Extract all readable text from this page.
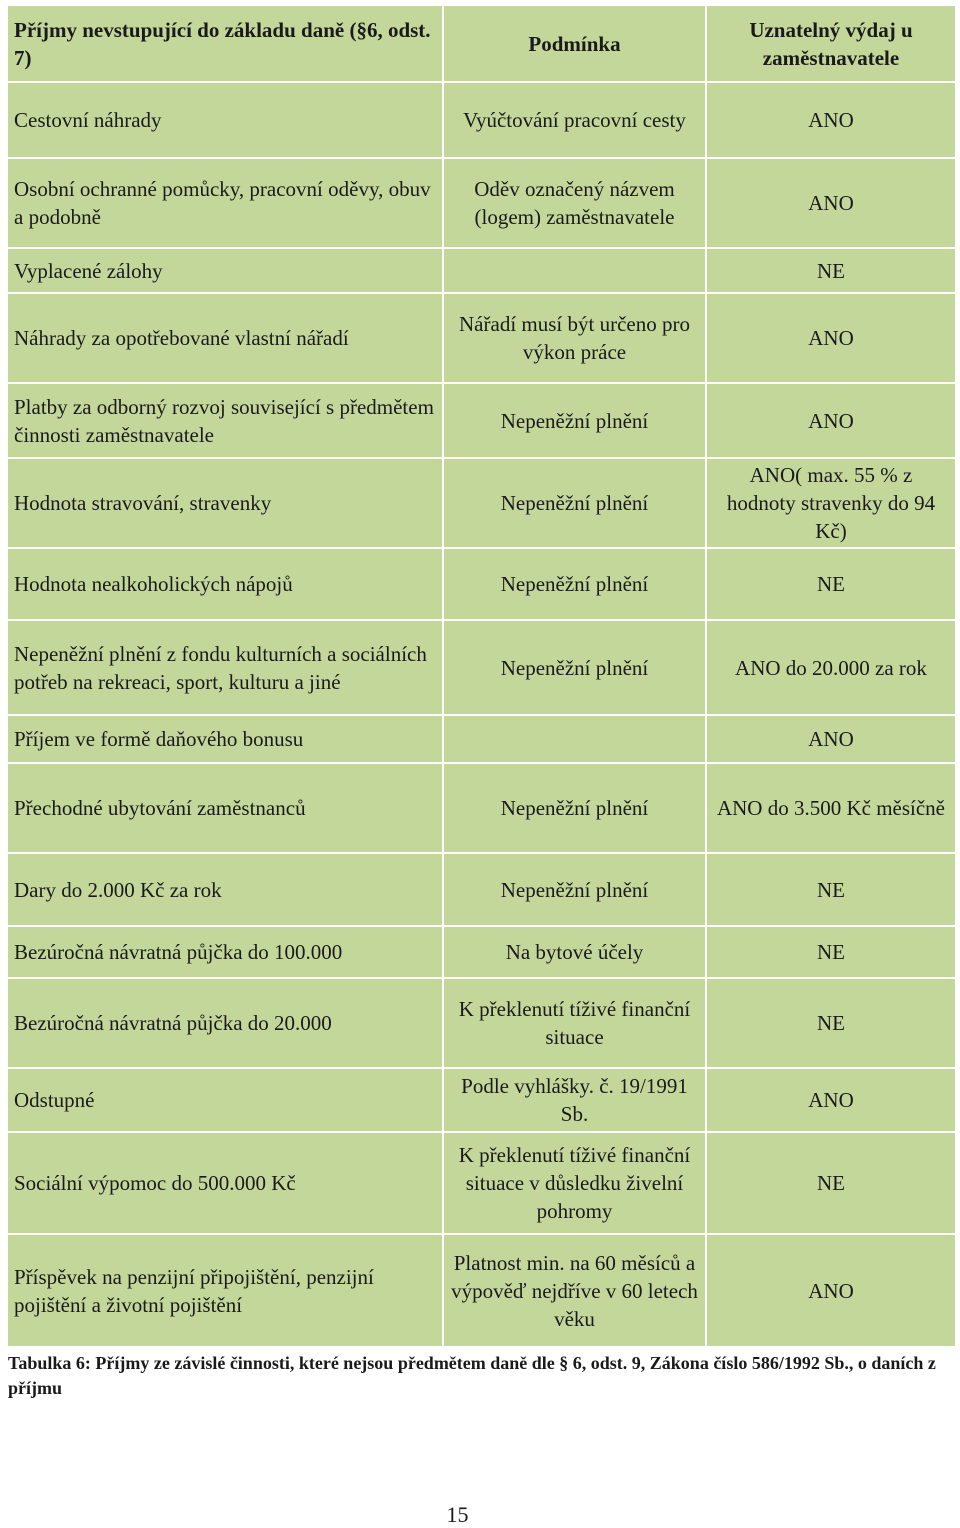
Příjmy nevstupující do základu daně (§6, odst. 7)	Podmínka	Uznatelný výdaj u zaměstnavatele
Cestovní náhrady	Vyúčtování pracovní cesty	ANO
Osobní ochranné pomůcky, pracovní oděvy, obuv a podobně	Oděv označený názvem (logem) zaměstnavatele	ANO
Vyplacené zálohy		NE
Náhrady za opotřebované vlastní nářadí	Nářadí musí být určeno pro výkon práce	ANO
Platby za odborný rozvoj související s předmětem činnosti zaměstnavatele	Nepeněžní plnění	ANO
Hodnota stravování, stravenky	Nepeněžní plnění	ANO( max. 55 % z hodnoty stravenky do 94 Kč)
Hodnota nealkoholických nápojů	Nepeněžní plnění	NE
Nepeněžní plnění z fondu kulturních a sociálních potřeb na rekreaci, sport, kulturu a jiné	Nepeněžní plnění	ANO do 20.000 za rok
Příjem ve formě daňového bonusu		ANO
Přechodné ubytování zaměstnanců	Nepeněžní plnění	ANO do 3.500 Kč měsíčně
Dary do 2.000 Kč za rok	Nepeněžní plnění	NE
Bezúročná návratná půjčka do 100.000	Na bytové účely	NE
Bezúročná návratná půjčka do 20.000	K překlenutí tíživé finanční situace	NE
Odstupné	Podle vyhlášky. č. 19/1991 Sb.	ANO
Sociální výpomoc do 500.000 Kč	K překlenutí tíživé finanční situace v důsledku živelní pohromy	NE
Příspěvek na penzijní připojištění, penzijní pojištění a životní pojištění	Platnost min. na 60 měsíců a výpověď nejdříve v 60 letech věku	ANO
Tabulka 6: Příjmy ze závislé činnosti, které nejsou předmětem daně dle § 6, odst. 9, Zákona číslo 586/1992 Sb., o daních z příjmu
15
